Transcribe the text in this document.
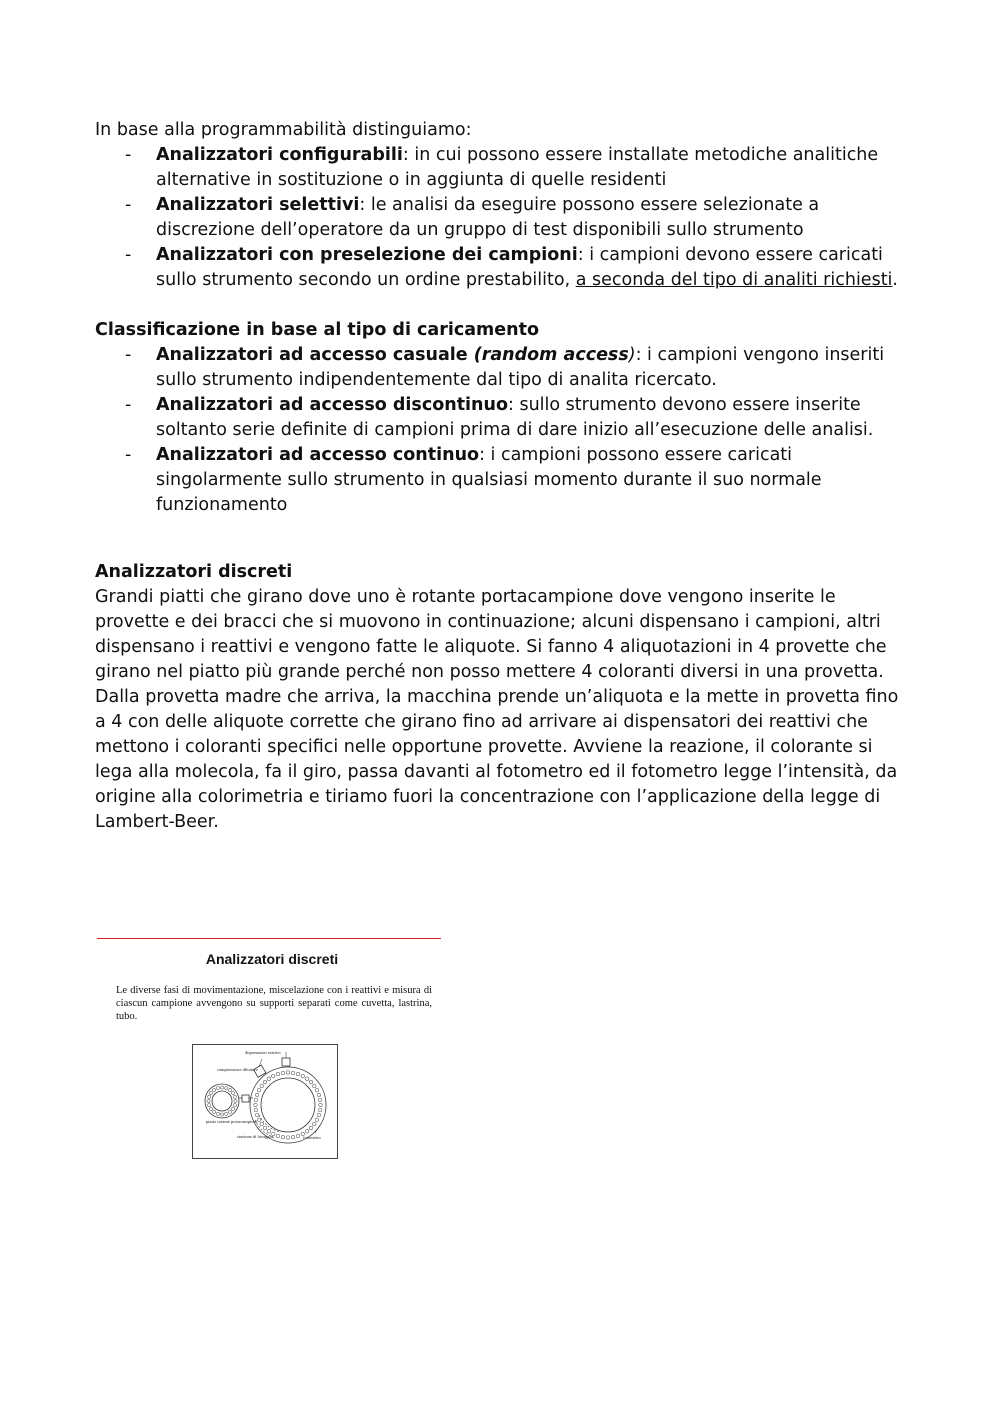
In base alla programmabilità distinguiamo:

- Analizzatori configurabili: in cui possono essere installate metodiche analitiche alternative in sostituzione o in aggiunta di quelle residenti
- Analizzatori selettivi: le analisi da eseguire possono essere selezionate a discrezione dell’operatore da un gruppo di test disponibili sullo strumento
- Analizzatori con preselezione dei campioni: i campioni devono essere caricati sullo strumento secondo un ordine prestabilito, a seconda del tipo di analiti richiesti.

Classificazione in base al tipo di caricamento

- Analizzatori ad accesso casuale (random access): i campioni vengono inseriti sullo strumento indipendentemente dal tipo di analita ricercato.
- Analizzatori ad accesso discontinuo: sullo strumento devono essere inserite soltanto serie definite di campioni prima di dare inizio all’esecuzione delle analisi.
- Analizzatori ad accesso continuo: i campioni possono essere caricati singolarmente sullo strumento in qualsiasi momento durante il suo normale funzionamento

Analizzatori discreti

Grandi piatti che girano dove uno è rotante portacampione dove vengono inserite le provette e dei bracci che si muovono in continuazione; alcuni dispensano i campioni, altri dispensano i reattivi e vengono fatte le aliquote. Si fanno 4 aliquotazioni in 4 provette che girano nel piatto più grande perché non posso mettere 4 coloranti diversi in una provetta.

Dalla provetta madre che arriva, la macchina prende un’aliquota e la mette in provetta fino a 4 con delle aliquote corrette che girano fino ad arrivare ai dispensatori dei reattivi che mettono i coloranti specifici nelle opportune provette. Avviene la reazione, il colorante si lega alla molecola, fa il giro, passa davanti al fotometro ed il fotometro legge l’intensità, da origine alla colorimetria e tiriamo fuori la concentrazione con l’applicazione della legge di Lambert-Beer.

Analizzatori discreti
Le diverse fasi di movimentazione, miscelazione con i reattivi e misura di ciascun campione avvengono su supporti separati come cuvetta, lastrina, tubo.
dispensatori reattivi
campionatore diluitore
piatto rotante portacampioni
stazione di lavaggio	fotometro
